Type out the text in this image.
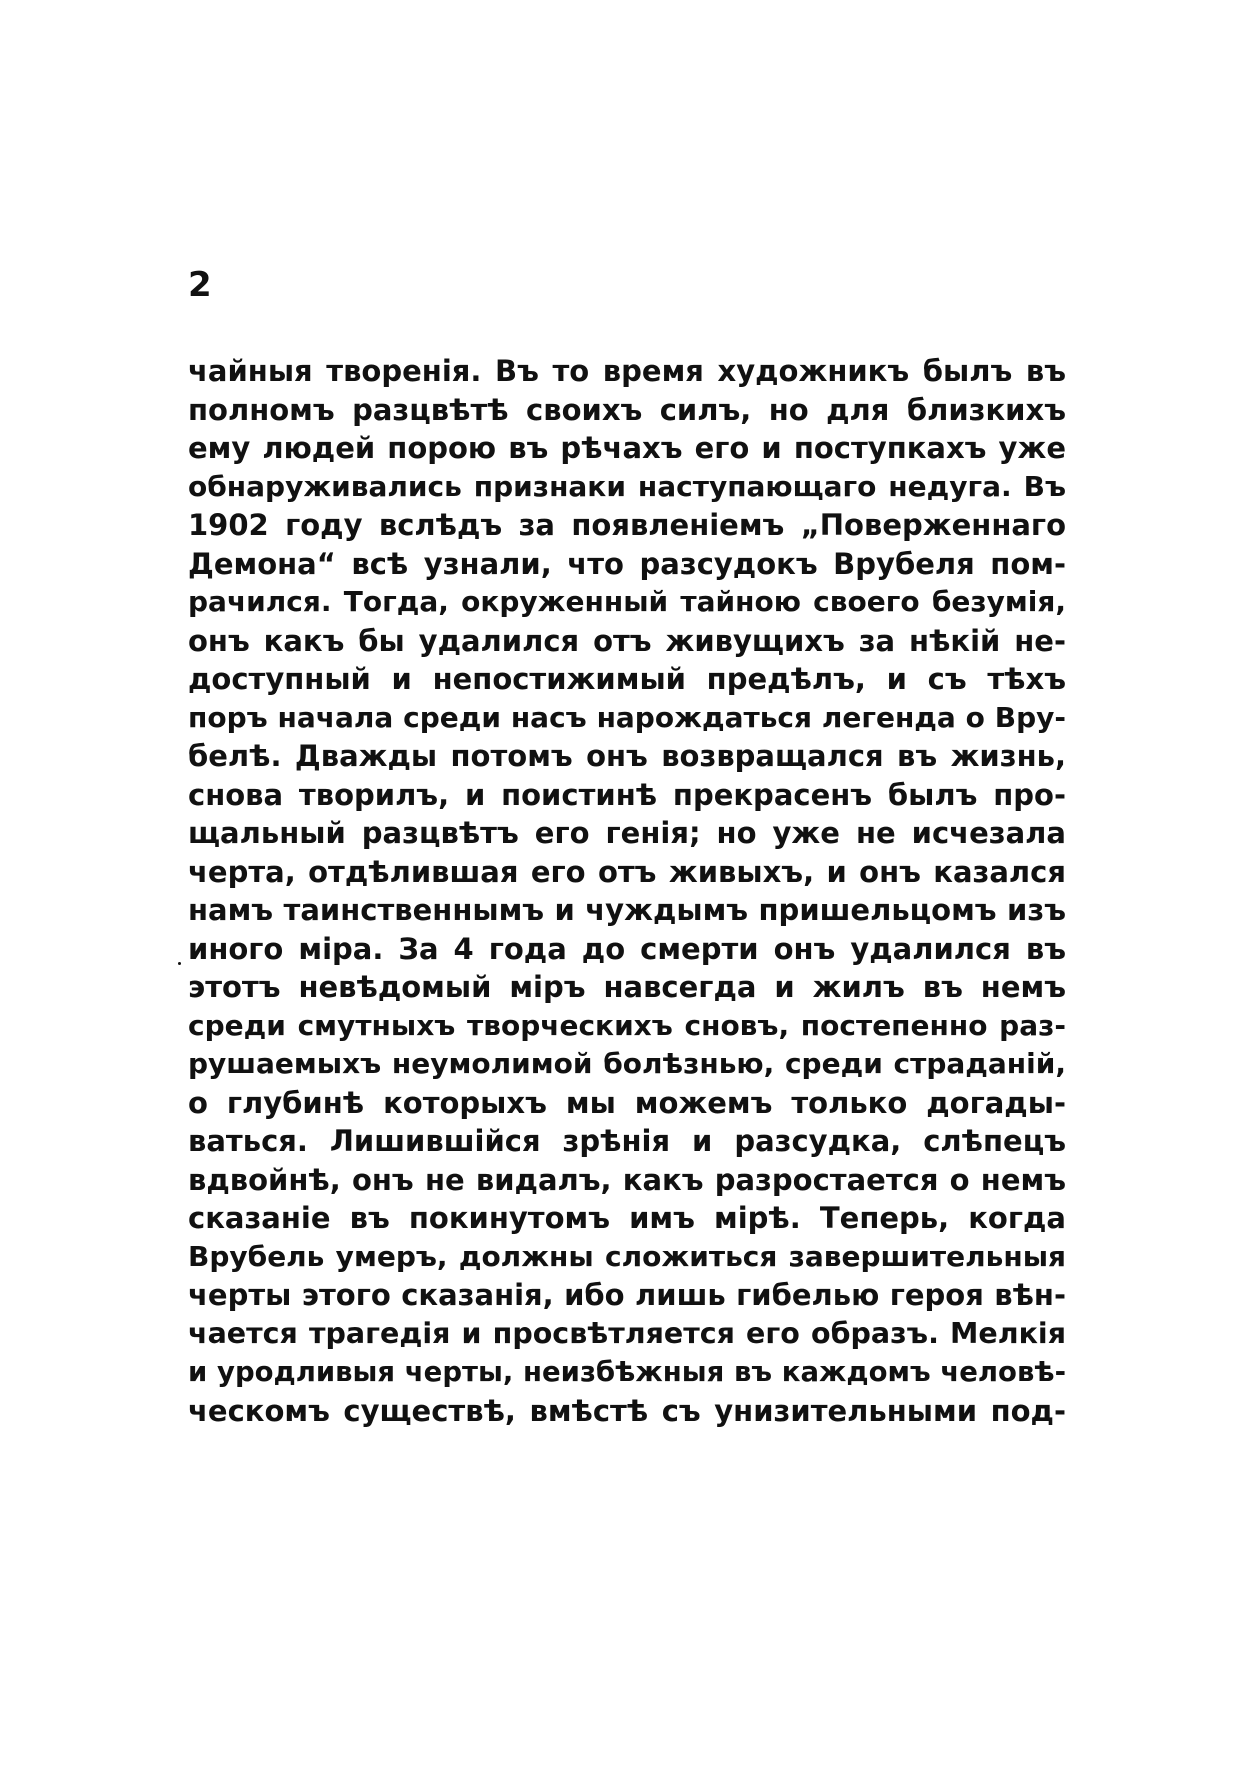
2
чайныя творенія. Въ то время художникъ былъ въ
полномъ разцвѣтѣ своихъ силъ, но для близкихъ
ему людей порою въ рѣчахъ его и поступкахъ уже
обнаруживались признаки наступающаго недуга. Въ
1902 году вслѣдъ за появленіемъ „Поверженнаго
Демона“ всѣ узнали, что разсудокъ Врубеля пом-
рачился. Тогда, окруженный тайною своего безумія,
онъ какъ бы удалился отъ живущихъ за нѣкій не-
доступный и непостижимый предѣлъ, и съ тѣхъ
поръ начала среди насъ нарождаться легенда о Вру-
белѣ. Дважды потомъ онъ возвращался въ жизнь,
снова творилъ, и поистинѣ прекрасенъ былъ про-
щальный разцвѣтъ его генія; но уже не исчезала
черта, отдѣлившая его отъ живыхъ, и онъ казался
намъ таинственнымъ и чуждымъ пришельцомъ изъ
иного міра. За 4 года до смерти онъ удалился въ
этотъ невѣдомый міръ навсегда и жилъ въ немъ
среди смутныхъ творческихъ сновъ, постепенно раз-
рушаемыхъ неумолимой болѣзнью, среди страданій,
о глубинѣ которыхъ мы можемъ только догады-
ваться. Лишившійся зрѣнія и разсудка, слѣпецъ
вдвойнѣ, онъ не видалъ, какъ разростается о немъ
сказаніе въ покинутомъ имъ мірѣ. Теперь, когда
Врубель умеръ, должны сложиться завершительныя
черты этого сказанія, ибо лишь гибелью героя вѣн-
чается трагедія и просвѣтляется его образъ. Мелкія
и уродливыя черты, неизбѣжныя въ каждомъ человѣ-
ческомъ существѣ, вмѣстѣ съ унизительными под-
